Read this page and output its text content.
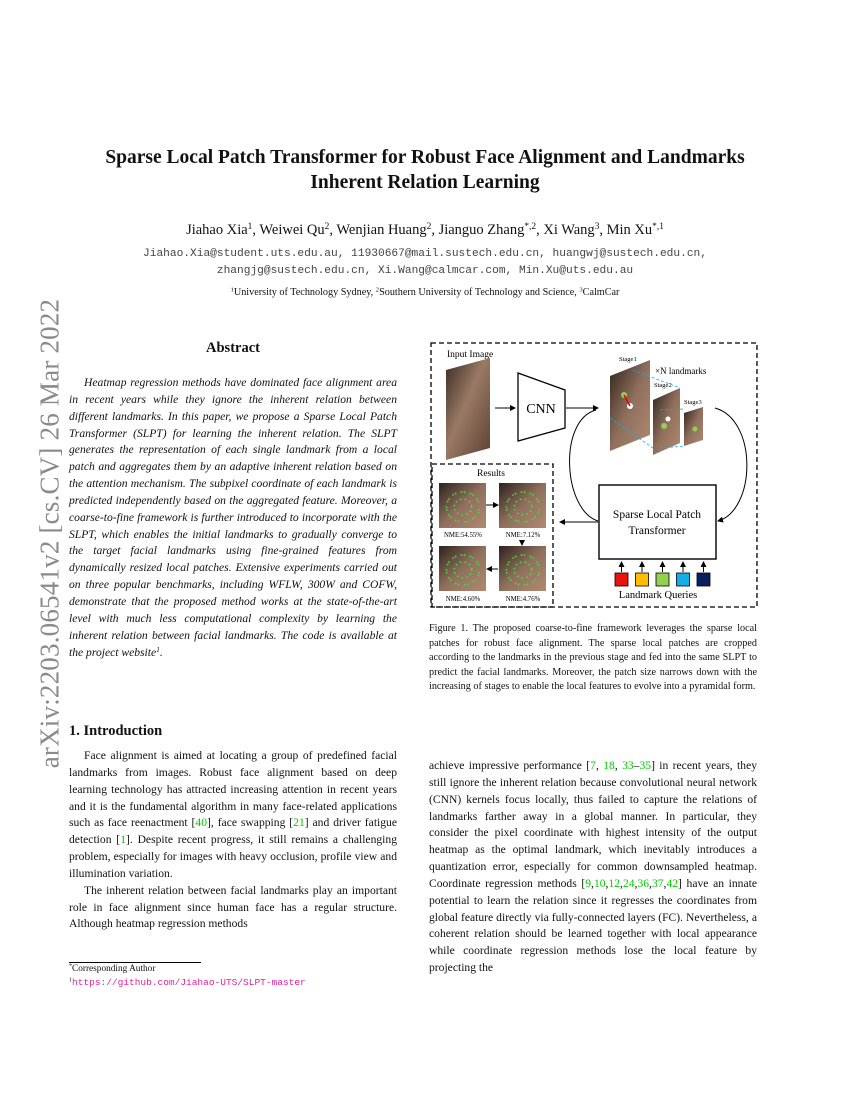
arXiv:2203.06541v2 [cs.CV] 26 Mar 2022
Sparse Local Patch Transformer for Robust Face Alignment and Landmarks
Inherent Relation Learning
Jiahao Xia$^1$, Weiwei Qu$^2$, Wenjian Huang$^2$, Jianguo Zhang$^{*,2}$, Xi Wang$^3$, Min $Xu^{*,1}$
Jiahao.Xia@student.uts.edu.au, 11930667@mail.sustech.edu.cn, huangwj@sustech.edu.cn,
zhangjg@sustech.edu.cn, Xi.Wang@calmcar.com, Min.Xu@uts.edu.au
$^1$University of Technology Sydney, $^2$Southern University of Technology and Science, $^3$CalmCar
Abstract

Heatmap regression methods have dominated face alignment area in recent years while they ignore the inherent relation between different landmarks. In this paper, we propose a Sparse Local Patch Transformer (SLPT) for learning the inherent relation. The SLPT generates the representation of each single landmark from a local patch and aggregates them by an adaptive inherent relation based on the attention mechanism. The subpixel coordinate of each landmark is predicted independently based on the aggregated feature. Moreover, a coarse-to-fine framework is further introduced to incorporate with the SLPT, which enables the initial landmarks to gradually converge to the target facial landmarks using fine-grained features from dynamically resized local patches. Extensive experiments carried out on three popular benchmarks, including WFLW, 300W and COFW, demonstrate that the proposed method works at the state-of-the-art level with much less computational complexity by learning the inherent relation between facial landmarks. The code is available at the project website$^1$.

1. Introduction

Face alignment is aimed at locating a group of predefined facial landmarks from images. Robust face alignment based on deep learning technology has attracted increasing attention in recent years and it is the fundamental algorithm in many face-related applications such as face reenactment [40], face swapping [21] and driver fatigue detection [1]. Despite recent progress, it still remains a challenging problem, especially for images with heavy occlusion, profile view and illumination variation.

The inherent relation between facial landmarks play an important role in face alignment since human face has a regular structure. Although heatmap regression methods

achieve impressive performance [7, 18, 33–35] in recent years, they still ignore the inherent relation because convolutional neural network (CNN) kernels focus locally, thus failed to capture the relations of landmarks farther away in a global manner. In particular, they consider the pixel coordinate with highest intensity of the output heatmap as the optimal landmark, which inevitably introduces a quantization error, especially for common downsampled heatmap. Coordinate regression methods [9,10,12,24,36,37,42] have an innate potential to learn the relation since it regresses the coordinates from global feature directly via fully-connected layers (FC). Nevertheless, a coherent relation should be learned together with local appearance while coordinate regression methods lose the local feature by projecting the

Input Image
CNN
Stage1
×N landmarks
Stage2
Stage3
Results
NME:54.55%	NME:7.12%
NME:4.60%	NME:4.76%
Sparse Local Patch
Transformer
Landmark Queries
Figure 1. The proposed coarse-to-fine framework leverages the sparse local patches for robust face alignment. The sparse local patches are cropped according to the landmarks in the previous stage and fed into the same SLPT to predict the facial landmarks. Moreover, the patch size narrows down with the increasing of stages to enable the local features to evolve into a pyramidal form.
*Corresponding Author
$^1$https://github.com/Jiahao-UTS/SLPT-master
